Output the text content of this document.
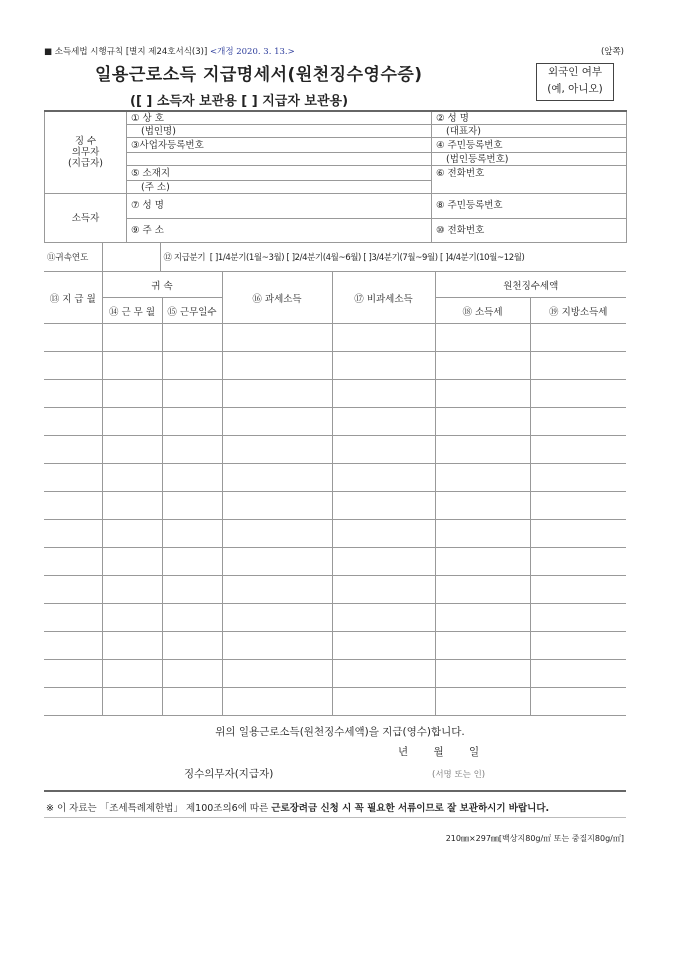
■ 소득세법 시행규칙 [별지 제24호서식(3)] <개정 2020. 3. 13.>	(앞쪽)
일용근로소득 지급명세서(원천징수영수증)
([ ] 소득자 보관용 [ ] 지급자 보관용)
외국인 여부
(예, 아니오)
징 수
의무자
(지급자)	① 상 호	② 성 명
	(법인명)	(대표자)
	③사업자등록번호	④ 주민등록번호
		(법인등록번호)
	⑤ 소재지	⑥ 전화번호
	(주 소)	
소득자	⑦ 성 명	⑧ 주민등록번호
	⑨ 주 소	⑩ 전화번호
⑪귀속연도		⑫ 지급분기 [ ]1/4분기(1월~3월) [ ]2/4분기(4월~6월) [ ]3/4분기(7월~9월) [ ]4/4분기(10월~12월)
⑬ 지 급 월	귀 속		⑯ 과세소득	⑰ 비과세소득	원천징수세액	
	⑭ 근 무 월	⑮ 근무일수			⑱ 소득세	⑲ 지방소득세

위의 일용근로소득(원천징수세액)을 지급(영수)합니다.
년 월 일
징수의무자(지급자)	(서명 또는 인)
※ 이 자료는 「조세특례제한법」 제100조의6에 따른 근로장려금 신청 시 꼭 필요한 서류이므로 잘 보관하시기 바랍니다.
210㎜×297㎜[백상지80g/㎡ 또는 중질지80g/㎡]
